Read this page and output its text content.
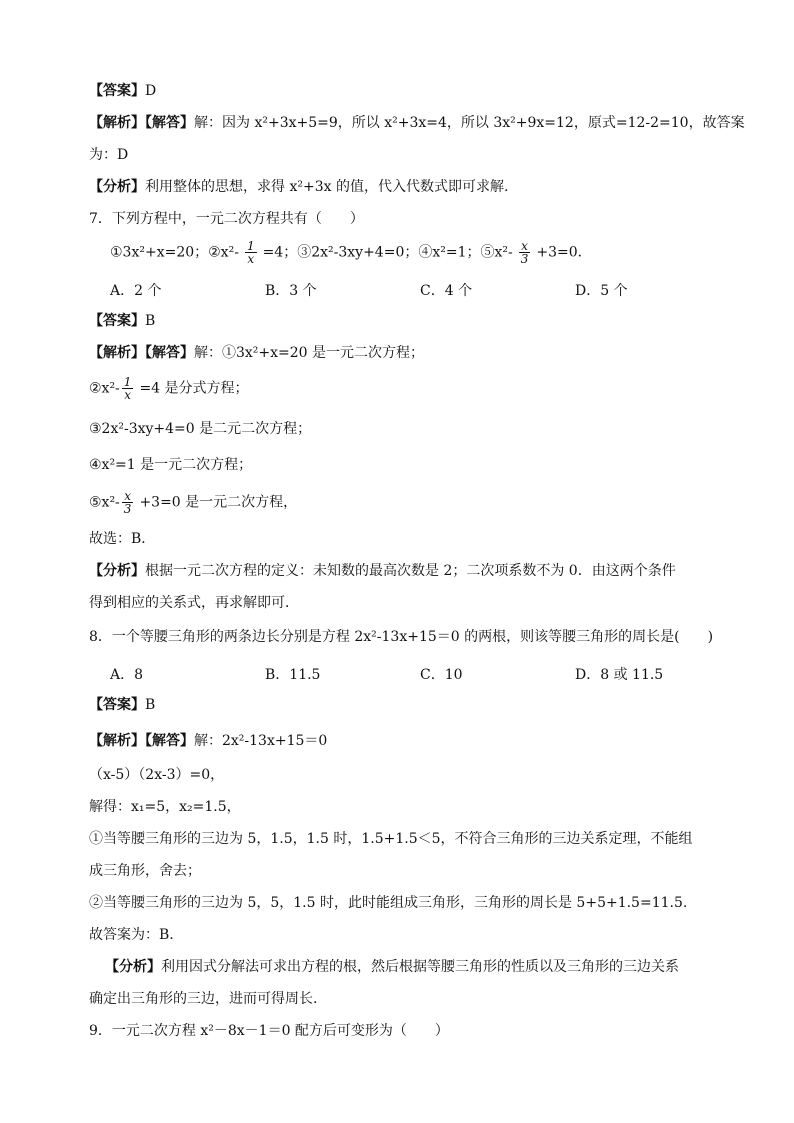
【答案】D
【解析】【解答】解：因为 x²+3x+5=9，所以 x²+3x=4，所以 3x²+9x=12，原式=12-2=10，故答案
为：D
【分析】利用整体的思想，求得 x²+3x 的值，代入代数式即可求解.
7．下列方程中，一元二次方程共有（　　）
①3x²+x=20；②x²- $\frac{1}{x} =4$；③2x²-3xy+4=0；④x²=1；⑤x²- $\frac{x}{3} +3=0$．
A．2 个	B．3 个	C．4 个	D．5 个
【答案】B
【解析】【解答】解：①3x²+x=20 是一元二次方程；
②x²- $\frac{1}{x} =4$ 是分式方程；
③2x²-3xy+4=0 是二元二次方程；
④x²=1 是一元二次方程；
⑤x²- $\frac{x}{3} +3=0$ 是一元二次方程，
故选：B．
【分析】根据一元二次方程的定义：未知数的最高次数是 2；二次项系数不为 0．由这两个条件
得到相应的关系式，再求解即可．
8．一个等腰三角形的两条边长分别是方程 2x²-13x+15＝0 的两根，则该等腰三角形的周长是(　　)
A．8	B．11.5	C．10	D．8 或 11.5
【答案】B
【解析】【解答】解：2x²-13x+15＝0
（x-5）（2x-3）=0，
解得：x₁=5，x₂=1.5，
①当等腰三角形的三边为 5，1.5，1.5 时，1.5+1.5＜5，不符合三角形的三边关系定理，不能组
成三角形，舍去；
②当等腰三角形的三边为 5，5，1.5 时，此时能组成三角形，三角形的周长是 5+5+1.5=11.5.
故答案为：B.
【分析】利用因式分解法可求出方程的根，然后根据等腰三角形的性质以及三角形的三边关系
确定出三角形的三边，进而可得周长.
9．一元二次方程 x²－8x－1＝0 配方后可变形为（　　）
